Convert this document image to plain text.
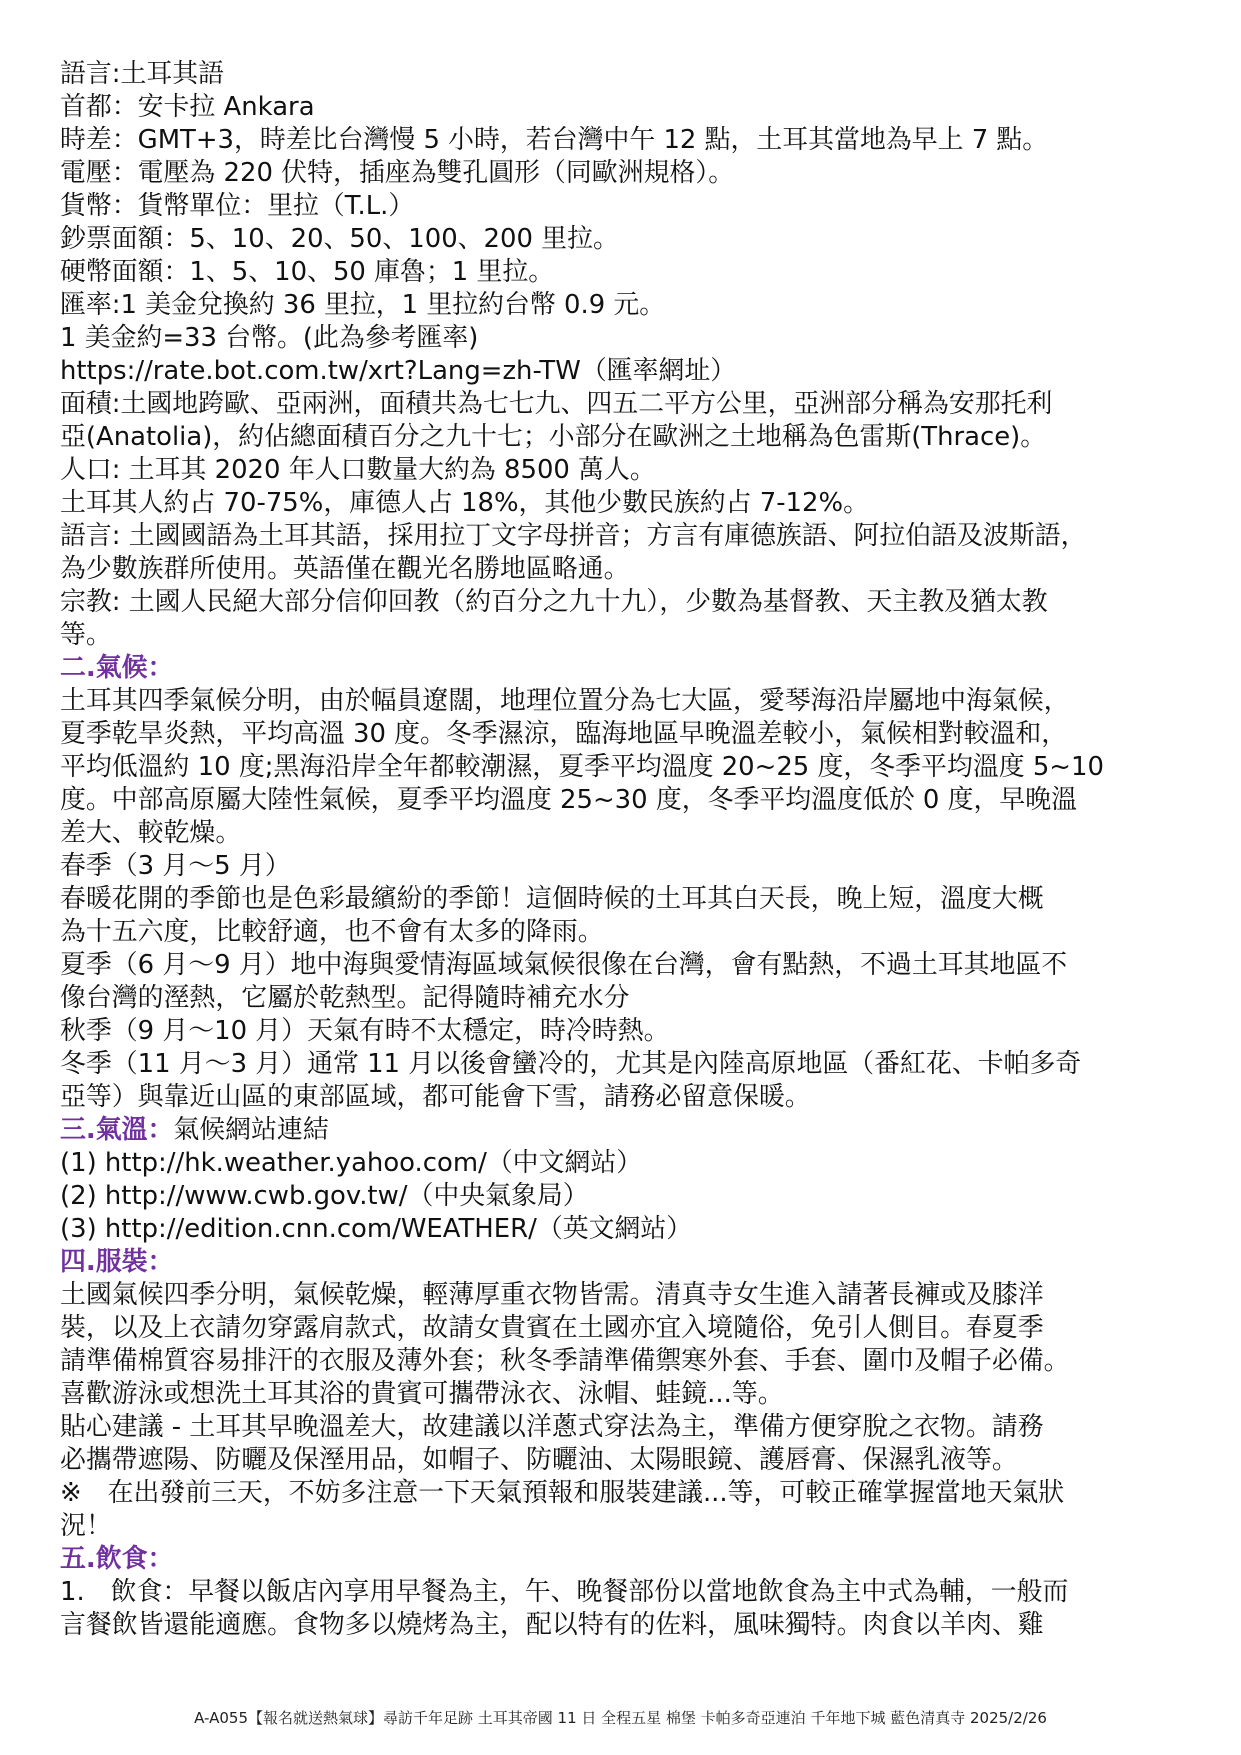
語言:土耳其語
首都：安卡拉 Ankara
時差：GMT+3，時差比台灣慢 5 小時，若台灣中午 12 點，土耳其當地為早上 7 點。
電壓：電壓為 220 伏特，插座為雙孔圓形（同歐洲規格）。
貨幣：貨幣單位：里拉（T.L.）
鈔票面額：5、10、20、50、100、200 里拉。
硬幣面額：1、5、10、50 庫魯；1 里拉。
匯率:1 美金兌換約 36 里拉，1 里拉約台幣 0.9 元。
1 美金約=33 台幣。(此為參考匯率)
https://rate.bot.com.tw/xrt?Lang=zh-TW（匯率網址）
面積:土國地跨歐、亞兩洲，面積共為七七九、四五二平方公里，亞洲部分稱為安那托利
亞(Anatolia)，約佔總面積百分之九十七；小部分在歐洲之土地稱為色雷斯(Thrace)。
人口: 土耳其 2020 年人口數量大約為 8500 萬人。
土耳其人約占 70-75%，庫德人占 18%，其他少數民族約占 7-12%。
語言: 土國國語為土耳其語，採用拉丁文字母拼音；方言有庫德族語、阿拉伯語及波斯語，
為少數族群所使用。英語僅在觀光名勝地區略通。
宗教: 土國人民絕大部分信仰回教（約百分之九十九），少數為基督教、天主教及猶太教
等。
二.氣候：
土耳其四季氣候分明，由於幅員遼闊，地理位置分為七大區，愛琴海沿岸屬地中海氣候，
夏季乾旱炎熱，平均高溫 30 度。冬季濕涼，臨海地區早晚溫差較小，氣候相對較溫和，
平均低溫約 10 度;黑海沿岸全年都較潮濕，夏季平均溫度 20~25 度，冬季平均溫度 5~10
度。中部高原屬大陸性氣候，夏季平均溫度 25~30 度，冬季平均溫度低於 0 度，早晚溫
差大、較乾燥。
春季（3 月～5 月）
春暖花開的季節也是色彩最繽紛的季節！這個時候的土耳其白天長，晚上短，溫度大概
為十五六度，比較舒適，也不會有太多的降雨。
夏季（6 月～9 月）地中海與愛情海區域氣候很像在台灣，會有點熱，不過土耳其地區不
像台灣的溼熱，它屬於乾熱型。記得隨時補充水分
秋季（9 月～10 月）天氣有時不太穩定，時冷時熱。
冬季（11 月～3 月）通常 11 月以後會蠻冷的，尤其是內陸高原地區（番紅花、卡帕多奇
亞等）與靠近山區的東部區域，都可能會下雪，請務必留意保暖。
三.氣溫：氣候網站連結
(1) http://hk.weather.yahoo.com/（中文網站）
(2) http://www.cwb.gov.tw/（中央氣象局）
(3) http://edition.cnn.com/WEATHER/（英文網站）
四.服裝：
土國氣候四季分明，氣候乾燥，輕薄厚重衣物皆需。清真寺女生進入請著長褲或及膝洋
裝，以及上衣請勿穿露肩款式，故請女貴賓在土國亦宜入境隨俗，免引人側目。春夏季
請準備棉質容易排汗的衣服及薄外套；秋冬季請準備禦寒外套、手套、圍巾及帽子必備。
喜歡游泳或想洗土耳其浴的貴賓可攜帶泳衣、泳帽、蛙鏡...等。
貼心建議 - 土耳其早晚溫差大，故建議以洋蔥式穿法為主，準備方便穿脫之衣物。請務
必攜帶遮陽、防曬及保溼用品，如帽子、防曬油、太陽眼鏡、護唇膏、保濕乳液等。
※　在出發前三天，不妨多注意一下天氣預報和服裝建議...等，可較正確掌握當地天氣狀
況！
五.飲食：
1.　飲食：早餐以飯店內享用早餐為主，午、晚餐部份以當地飲食為主中式為輔，一般而
言餐飲皆還能適應。食物多以燒烤為主，配以特有的佐料，風味獨特。肉食以羊肉、雞
A-A055【報名就送熱氣球】尋訪千年足跡 土耳其帝國 11 日 全程五星 棉堡 卡帕多奇亞連泊 千年地下城 藍色清真寺 2025/2/26
